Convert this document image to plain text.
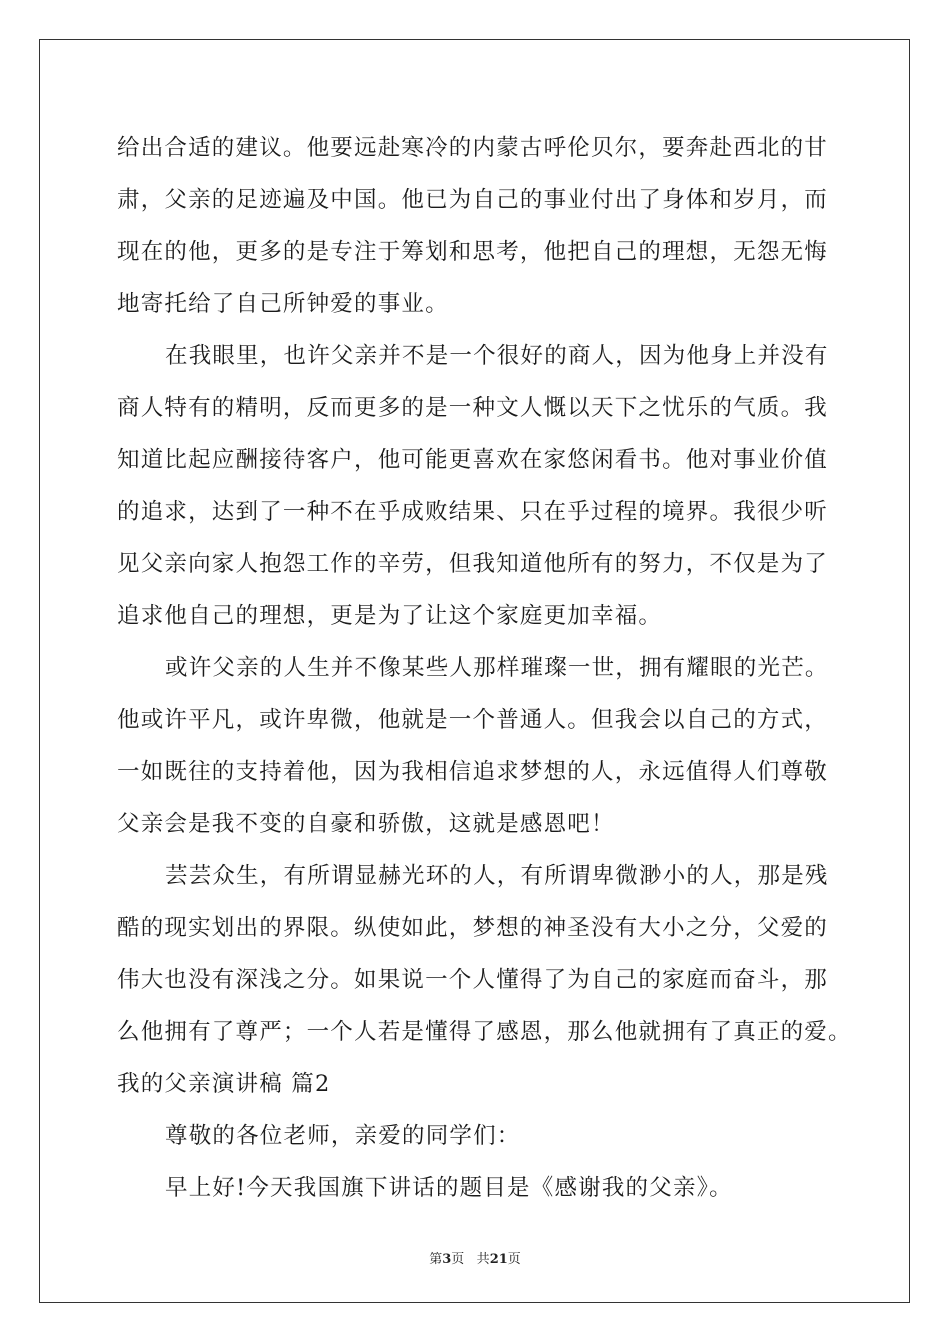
给出合适的建议。他要远赴寒冷的内蒙古呼伦贝尔，要奔赴西北的甘
肃，父亲的足迹遍及中国。他已为自己的事业付出了身体和岁月，而
现在的他，更多的是专注于筹划和思考，他把自己的理想，无怨无悔
地寄托给了自己所钟爱的事业。
在我眼里，也许父亲并不是一个很好的商人，因为他身上并没有
商人特有的精明，反而更多的是一种文人慨以天下之忧乐的气质。我
知道比起应酬接待客户，他可能更喜欢在家悠闲看书。他对事业价值
的追求，达到了一种不在乎成败结果、只在乎过程的境界。我很少听
见父亲向家人抱怨工作的辛劳，但我知道他所有的努力，不仅是为了
追求他自己的理想，更是为了让这个家庭更加幸福。
或许父亲的人生并不像某些人那样璀璨一世，拥有耀眼的光芒。
他或许平凡，或许卑微，他就是一个普通人。但我会以自己的方式，
一如既往的支持着他，因为我相信追求梦想的人，永远值得人们尊敬
父亲会是我不变的自豪和骄傲，这就是感恩吧！
芸芸众生，有所谓显赫光环的人，有所谓卑微渺小的人，那是残
酷的现实划出的界限。纵使如此，梦想的神圣没有大小之分，父爱的
伟大也没有深浅之分。如果说一个人懂得了为自己的家庭而奋斗，那
么他拥有了尊严；一个人若是懂得了感恩，那么他就拥有了真正的爱。
我的父亲演讲稿 篇2
尊敬的各位老师，亲爱的同学们：
早上好!今天我国旗下讲话的题目是《感谢我的父亲》。
第3页 共21页
